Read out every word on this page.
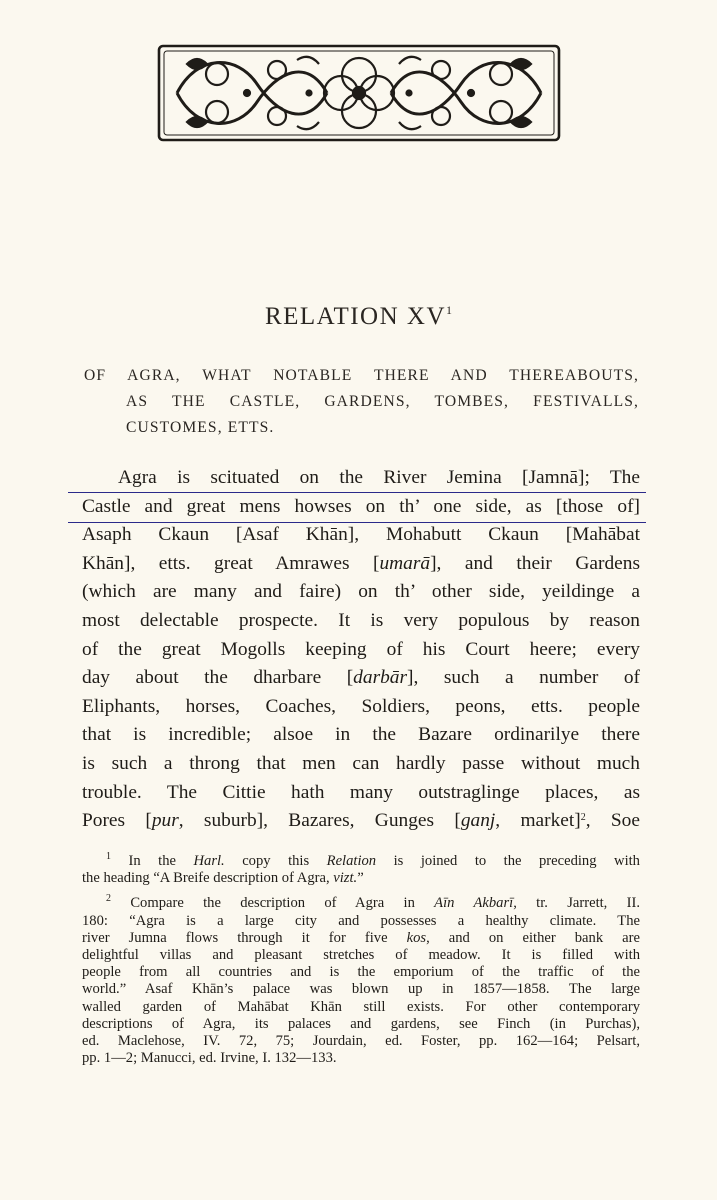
RELATION $XV^1$
OF AGRA, WHAT NOTABLE THERE AND THEREABOUTS,
AS THE CASTLE, GARDENS, TOMBES, FESTIVALLS,
CUSTOMES, ETTS.
Agra is scituated on the River Jemina [Jamnā]; The
Castle and great mens howses on th’ one side, as [those of]
Asaph Ckaun [Asaf Khān], Mohabutt Ckaun [Mahābat
Khān], etts. great Amrawes [umarā], and their Gardens
(which are many and faire) on th’ other side, yeildinge a
most delectable prospecte. It is very populous by reason
of the great Mogolls keeping of his Court heere; every
day about the dharbare [darbār], such a number of
Eliphants, horses, Coaches, Soldiers, peons, etts. people
that is incredible; alsoe in the Bazare ordinarilye there
is such a throng that men can hardly passe without much
trouble. The Cittie hath many outstraglinge places, as
Pores [pur, suburb], Bazares, Gunges [ganj, market]$^2$, Soe
$^1$ In the Harl. copy this Relation is joined to the preceding with
the heading “A Breife description of Agra, vizt.”
$^2$ Compare the description of Agra in Aīn Akbarī, tr. Jarrett, II.
180: “Agra is a large city and possesses a healthy climate. The
river Jumna flows through it for five kos, and on either bank are
delightful villas and pleasant stretches of meadow. It is filled with
people from all countries and is the emporium of the traffic of the
world.” Asaf Khān’s palace was blown up in 1857—1858. The large
walled garden of Mahābat Khān still exists. For other contemporary
descriptions of Agra, its palaces and gardens, see Finch (in Purchas),
ed. Maclehose, IV. 72, 75; Jourdain, ed. Foster, pp. 162—164; Pelsart,
pp. 1—2; Manucci, ed. Irvine, I. 132—133.
